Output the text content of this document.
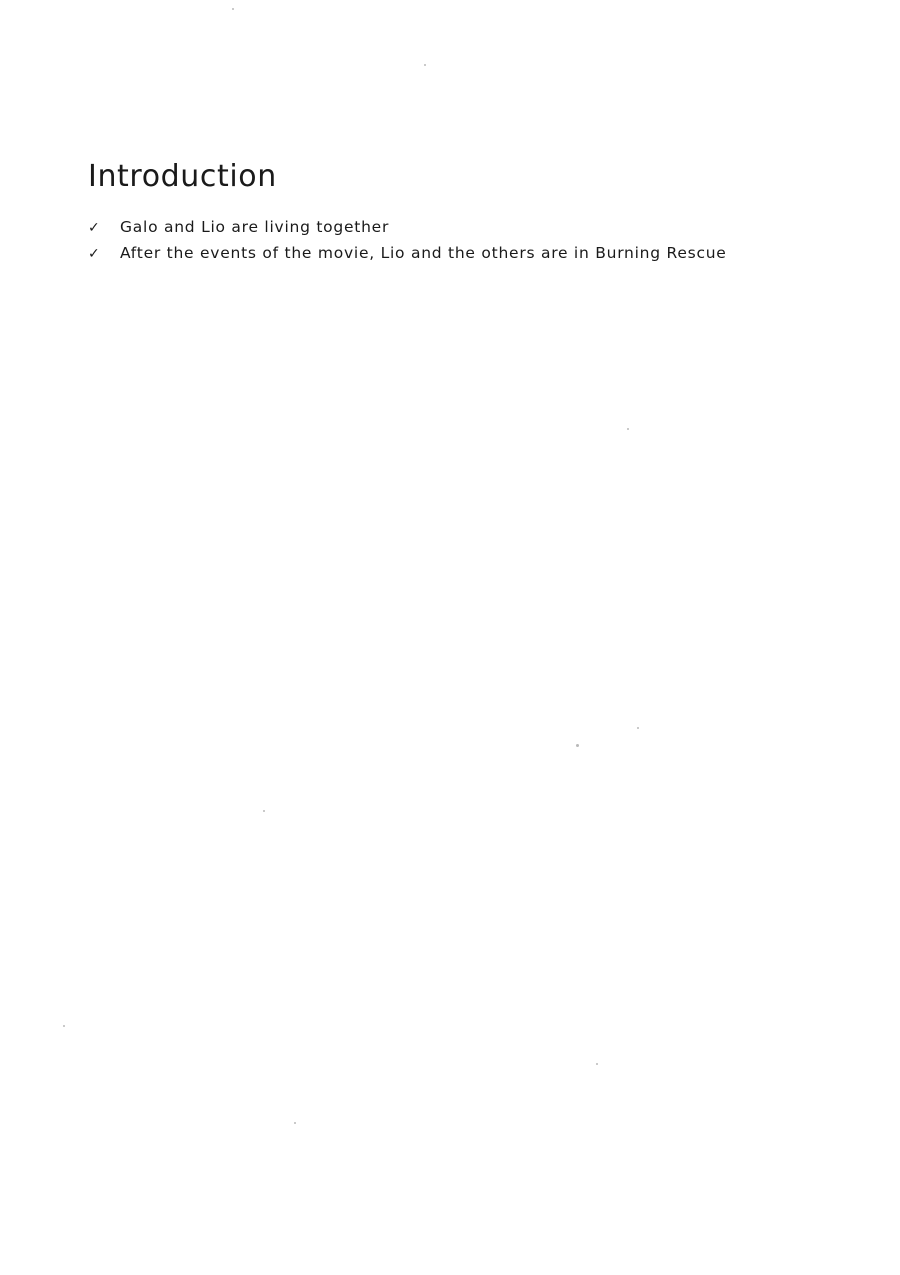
Introduction
✓	Galo and Lio are living together
✓	After the events of the movie, Lio and the others are in Burning Rescue
